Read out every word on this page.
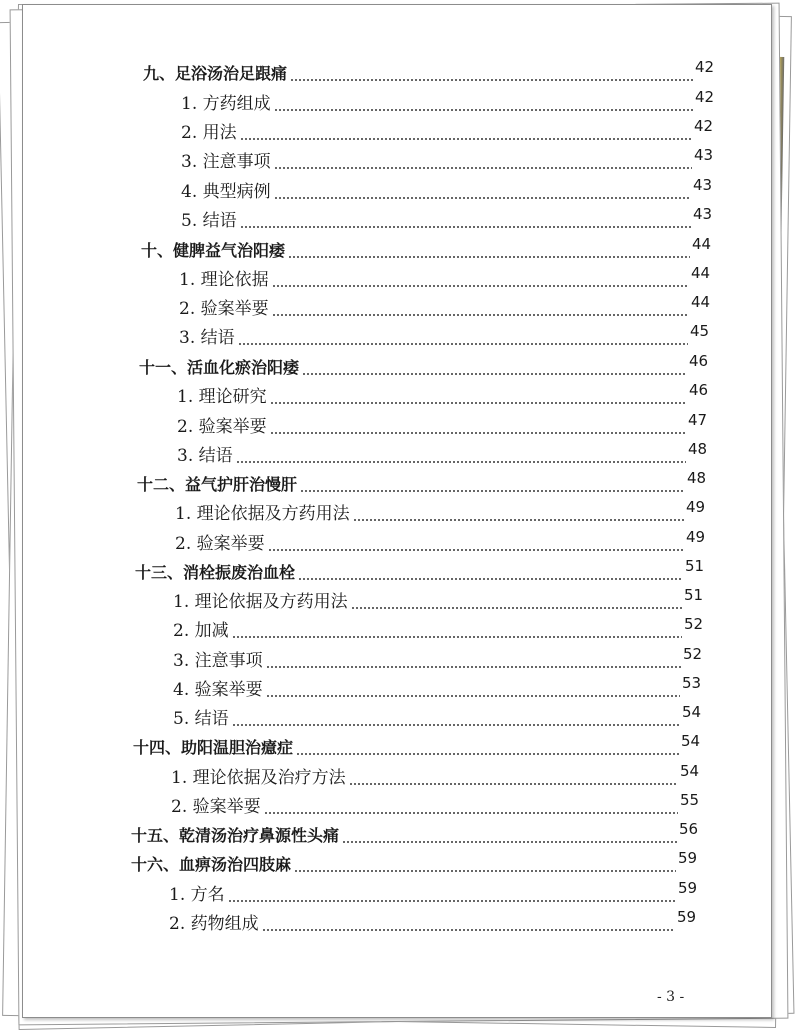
九、足浴汤治足跟痛	42
1. 方药组成	42
2. 用法	42
3. 注意事项	43
4. 典型病例	43
5. 结语	43
十、健脾益气治阳痿	44
1. 理论依据	44
2. 验案举要	44
3. 结语	45
十一、活血化瘀治阳痿	46
1. 理论研究	46
2. 验案举要	47
3. 结语	48
十二、益气护肝治慢肝	48
1. 理论依据及方药用法	49
2. 验案举要	49
十三、消栓振废治血栓	51
1. 理论依据及方药用法	51
2. 加减	52
3. 注意事项	52
4. 验案举要	53
5. 结语	54
十四、助阳温胆治癔症	54
1. 理论依据及治疗方法	54
2. 验案举要	55
十五、乾清汤治疗鼻源性头痛	56
十六、血痹汤治四肢麻	59
1. 方名	59
2. 药物组成	59
- 3 -
